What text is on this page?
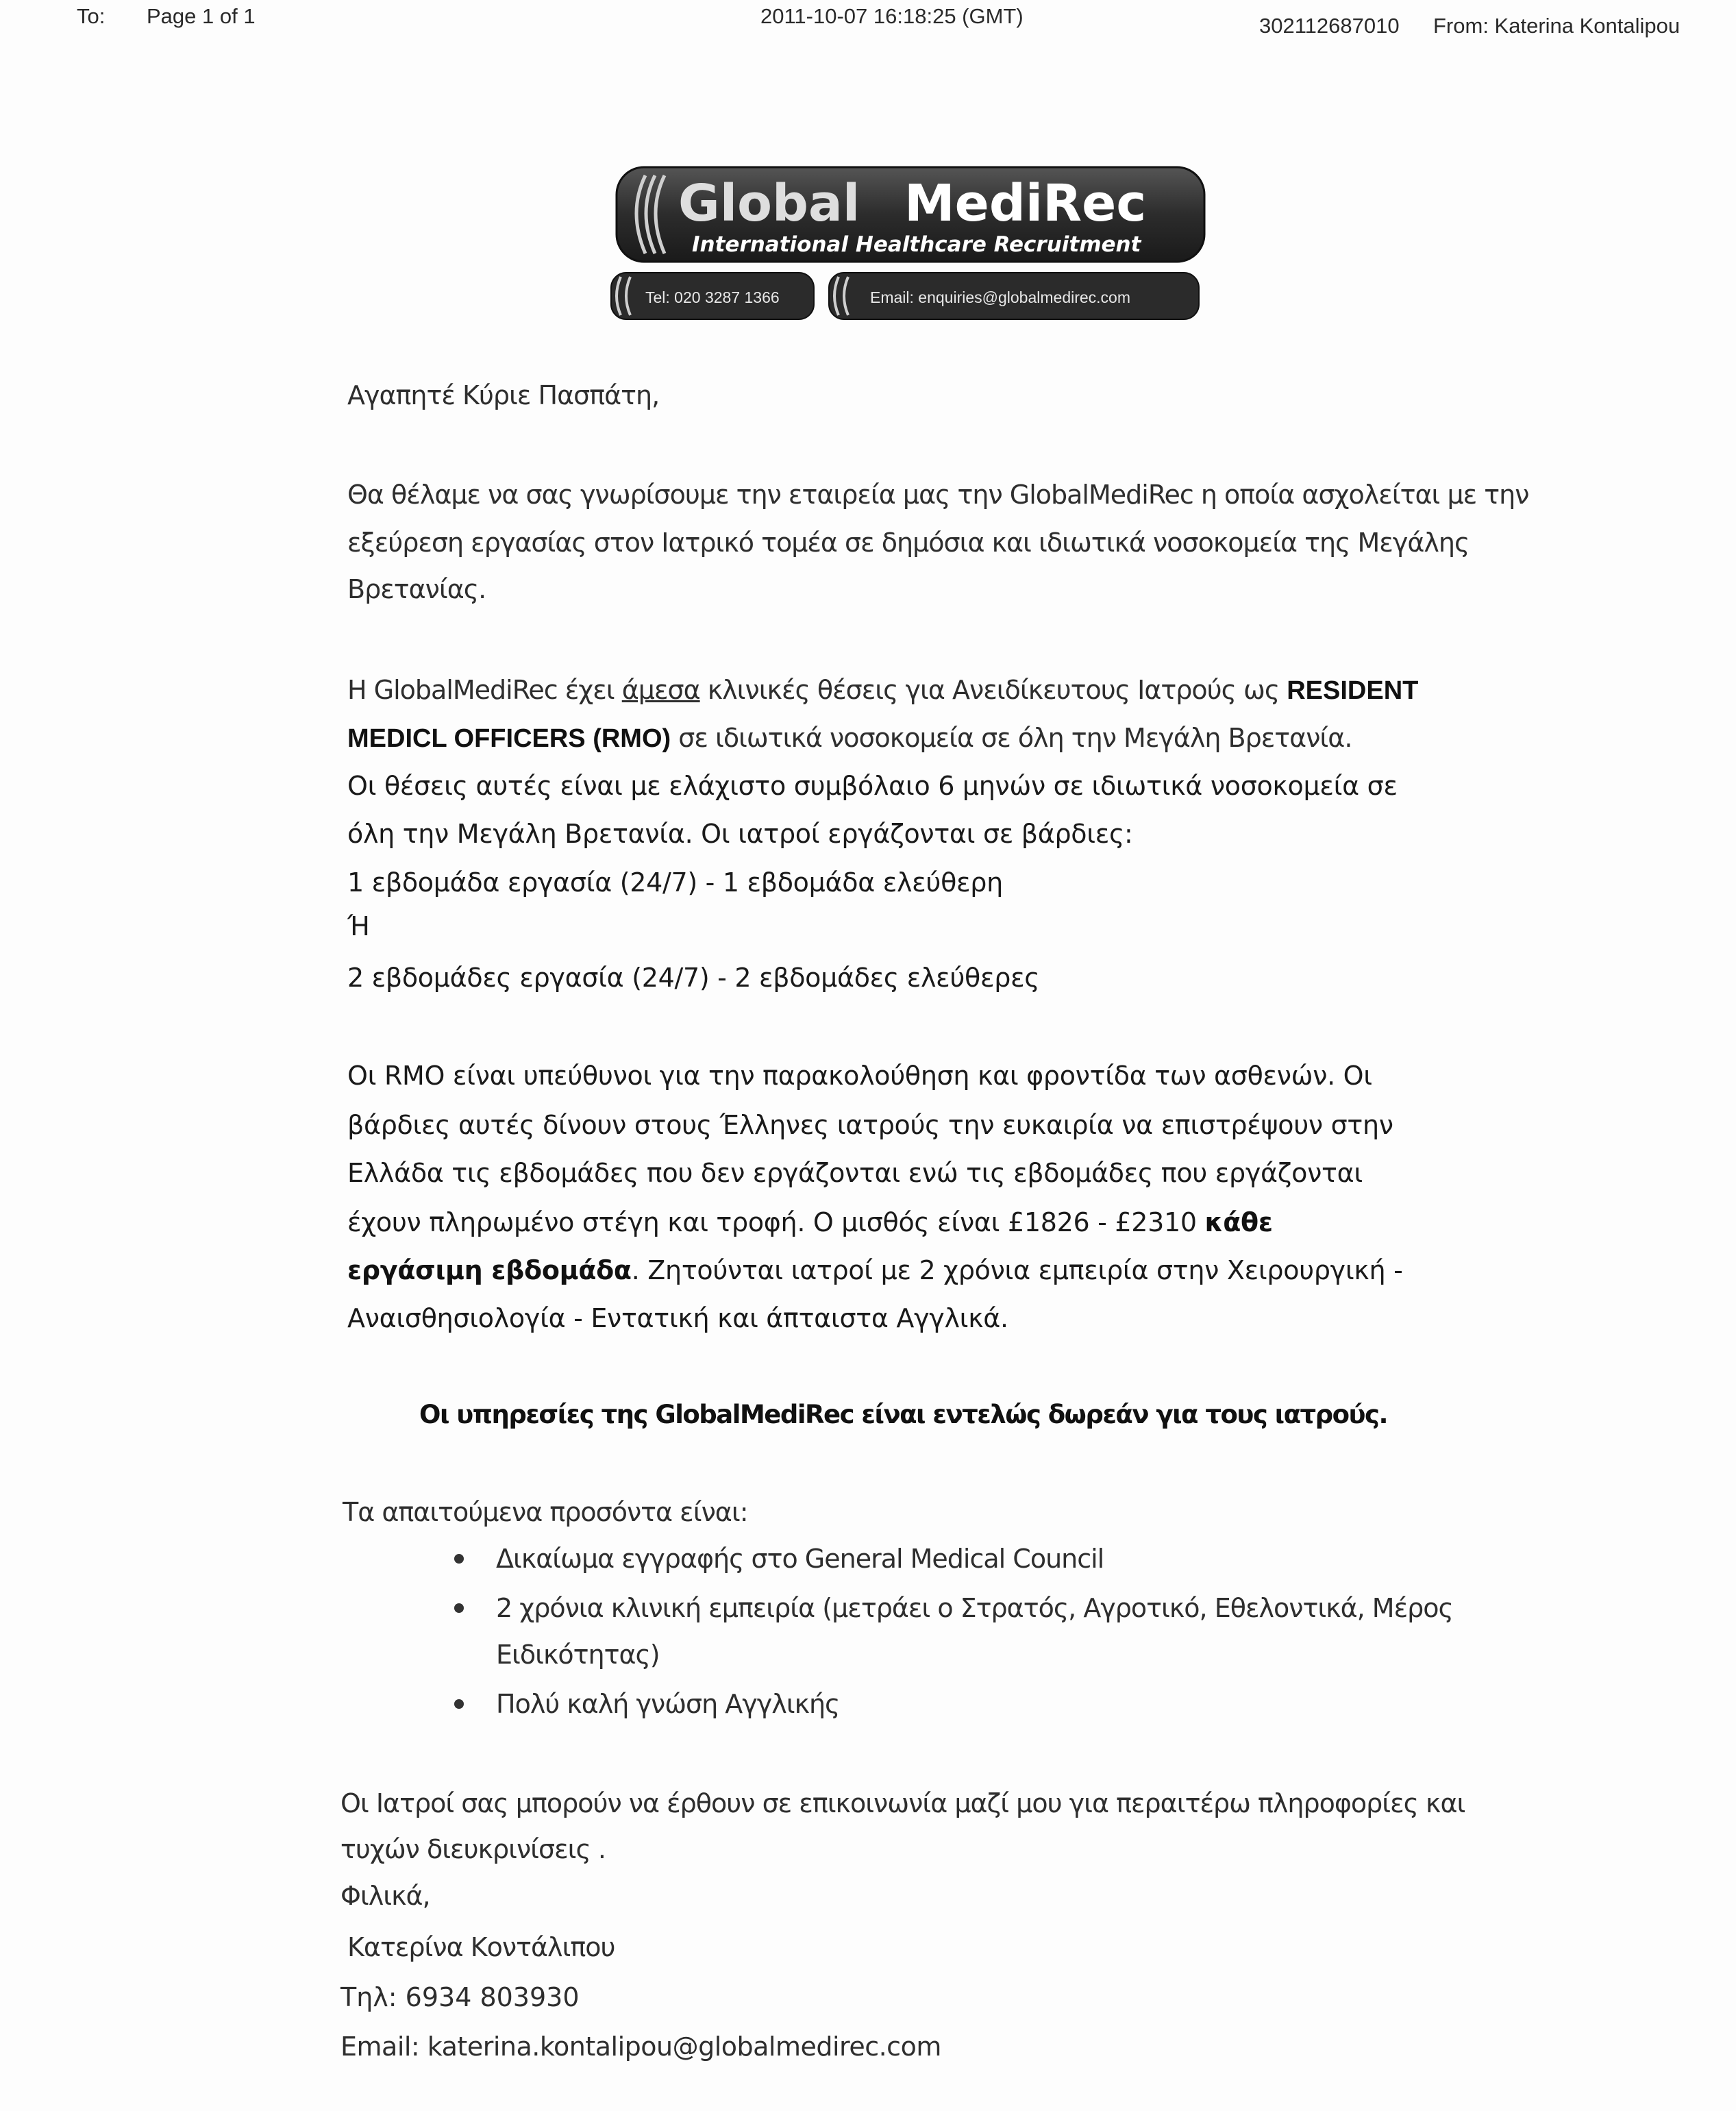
To: Page 1 of 1	2011-10-07 16:18:25 (GMT)	302112687010 From: Katerina Kontalipou
Global MediRec
International Healthcare Recruitment
Tel: 020 3287 1366	Email: enquiries@globalmedirec.com
Αγαπητέ Κύριε Πασπάτη,
Θα θέλαμε να σας γνωρίσουμε την εταιρεία μας την GlobalMediRec η οποία ασχολείται με την
εξεύρεση εργασίας στον Ιατρικό τομέα σε δημόσια και ιδιωτικά νοσοκομεία της Μεγάλης
Βρετανίας.
Η GlobalMediRec έχει άμεσα κλινικές θέσεις για Ανειδίκευτους Ιατρούς ως RESIDENT
MEDICL OFFICERS (RMO) σε ιδιωτικά νοσοκομεία σε όλη την Μεγάλη Βρετανία.
Οι θέσεις αυτές είναι με ελάχιστο συμβόλαιο 6 μηνών σε ιδιωτικά νοσοκομεία σε
όλη την Μεγάλη Βρετανία. Οι ιατροί εργάζονται σε βάρδιες:
1 εβδομάδα εργασία (24/7) - 1 εβδομάδα ελεύθερη
Ή
2 εβδομάδες εργασία (24/7) - 2 εβδομάδες ελεύθερες
Οι RMO είναι υπεύθυνοι για την παρακολούθηση και φροντίδα των ασθενών. Οι
βάρδιες αυτές δίνουν στους Έλληνες ιατρούς την ευκαιρία να επιστρέψουν στην
Ελλάδα τις εβδομάδες που δεν εργάζονται ενώ τις εβδομάδες που εργάζονται
έχουν πληρωμένο στέγη και τροφή. Ο μισθός είναι £1826 - £2310 κάθε
εργάσιμη εβδομάδα. Ζητούνται ιατροί με 2 χρόνια εμπειρία στην Χειρουργική -
Αναισθησιολογία - Εντατική και άπταιστα Αγγλικά.
Οι υπηρεσίες της GlobalMediRec είναι εντελώς δωρεάν για τους ιατρούς.
Τα απαιτούμενα προσόντα είναι:
Δικαίωμα εγγραφής στο General Medical Council
2 χρόνια κλινική εμπειρία (μετράει ο Στρατός, Αγροτικό, Εθελοντικά, Μέρος
Ειδικότητας)
Πολύ καλή γνώση Αγγλικής
Οι Ιατροί σας μπορούν να έρθουν σε επικοινωνία μαζί μου για περαιτέρω πληροφορίες και
τυχών διευκρινίσεις .
Φιλικά,
Κατερίνα Κοντάλιπου
Τηλ: 6934 803930
Email: katerina.kontalipou@globalmedirec.com
